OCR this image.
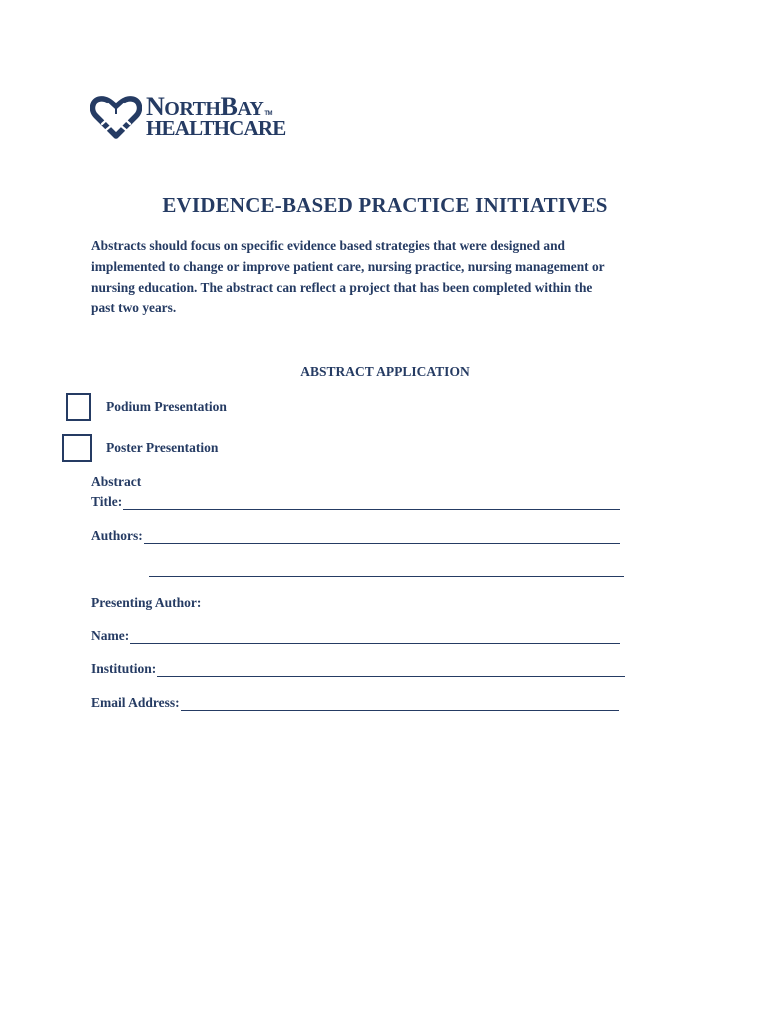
N ORTH B AY TM
HEALTHCARE
EVIDENCE-BASED PRACTICE INITIATIVES
Abstracts should focus on specific evidence based strategies that were designed and
implemented to change or improve patient care, nursing practice, nursing management or
nursing education. The abstract can reflect a project that has been completed within the
past two years.
ABSTRACT APPLICATION
Podium Presentation
Poster Presentation
Abstract
Title:
Authors:
Presenting Author:
Name:
Institution:
Email Address:
